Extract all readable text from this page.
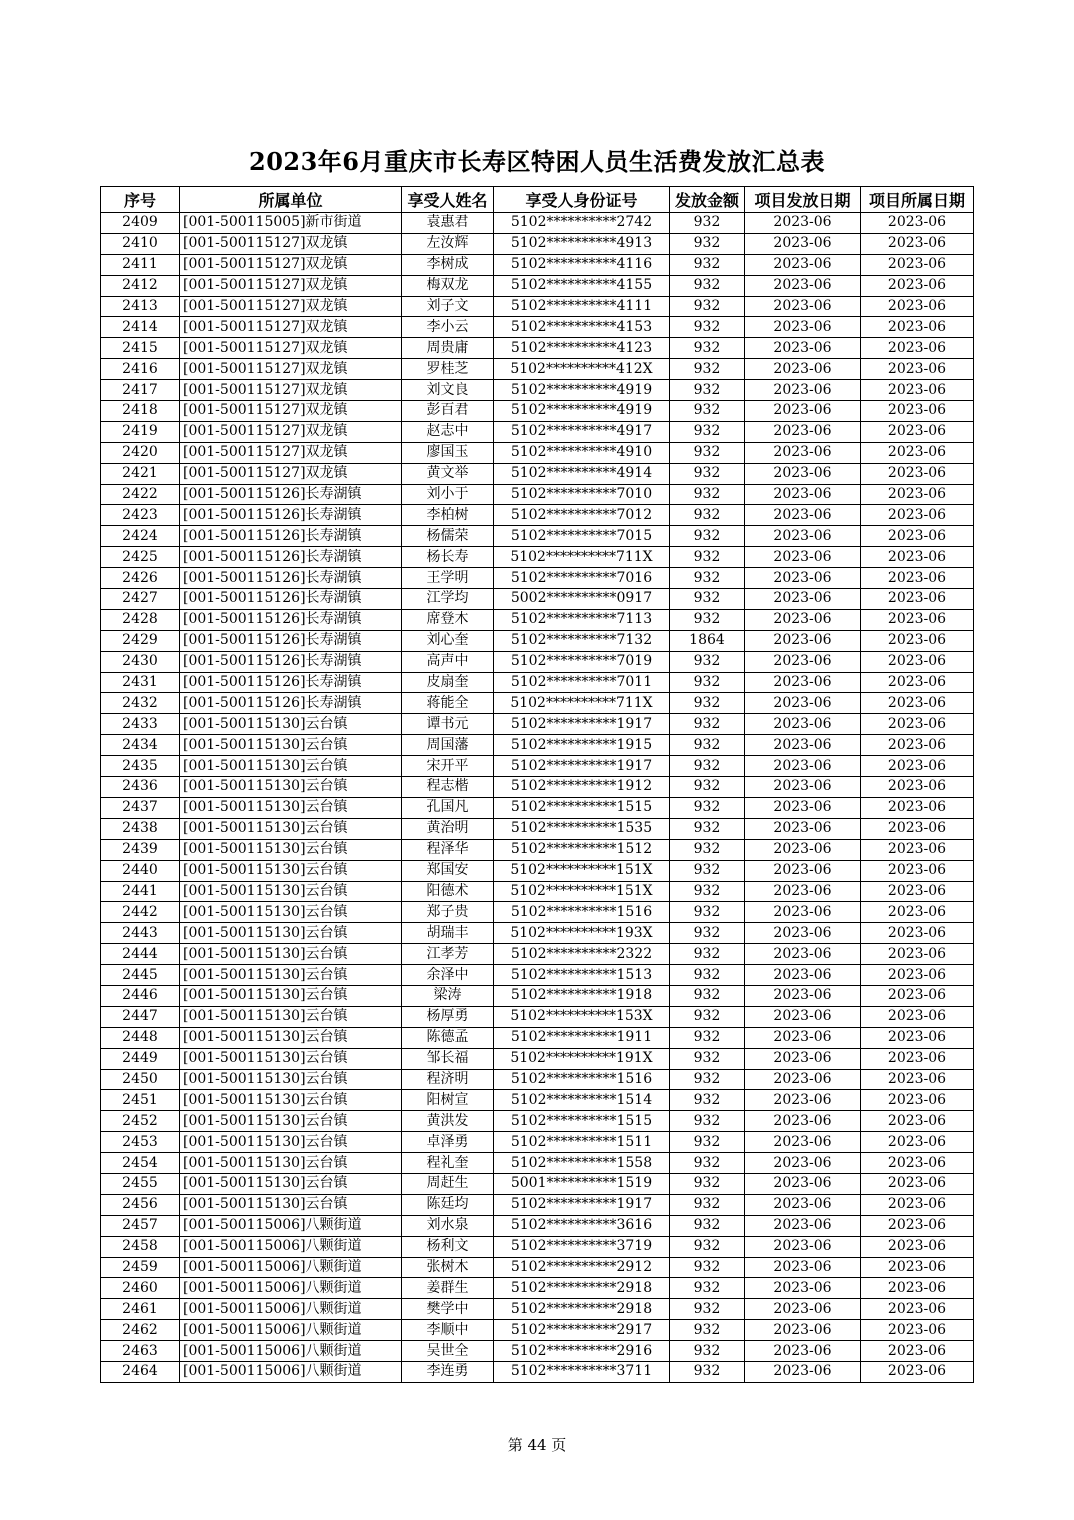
2023年6月重庆市长寿区特困人员生活费发放汇总表
序号	所属单位	享受人姓名	享受人身份证号	发放金额	项目发放日期	项目所属日期
2409	[001-500115005]新市街道	袁惠君	5102**********2742	932	2023-06	2023-06
2410	[001-500115127]双龙镇	左汝辉	5102**********4913	932	2023-06	2023-06
2411	[001-500115127]双龙镇	李树成	5102**********4116	932	2023-06	2023-06
2412	[001-500115127]双龙镇	梅双龙	5102**********4155	932	2023-06	2023-06
2413	[001-500115127]双龙镇	刘子文	5102**********4111	932	2023-06	2023-06
2414	[001-500115127]双龙镇	李小云	5102**********4153	932	2023-06	2023-06
2415	[001-500115127]双龙镇	周贵庸	5102**********4123	932	2023-06	2023-06
2416	[001-500115127]双龙镇	罗桂芝	5102**********412X	932	2023-06	2023-06
2417	[001-500115127]双龙镇	刘文良	5102**********4919	932	2023-06	2023-06
2418	[001-500115127]双龙镇	彭百君	5102**********4919	932	2023-06	2023-06
2419	[001-500115127]双龙镇	赵志中	5102**********4917	932	2023-06	2023-06
2420	[001-500115127]双龙镇	廖国玉	5102**********4910	932	2023-06	2023-06
2421	[001-500115127]双龙镇	黄文举	5102**********4914	932	2023-06	2023-06
2422	[001-500115126]长寿湖镇	刘小于	5102**********7010	932	2023-06	2023-06
2423	[001-500115126]长寿湖镇	李柏树	5102**********7012	932	2023-06	2023-06
2424	[001-500115126]长寿湖镇	杨儒荣	5102**********7015	932	2023-06	2023-06
2425	[001-500115126]长寿湖镇	杨长寿	5102**********711X	932	2023-06	2023-06
2426	[001-500115126]长寿湖镇	王学明	5102**********7016	932	2023-06	2023-06
2427	[001-500115126]长寿湖镇	江学均	5002**********0917	932	2023-06	2023-06
2428	[001-500115126]长寿湖镇	席登木	5102**********7113	932	2023-06	2023-06
2429	[001-500115126]长寿湖镇	刘心奎	5102**********7132	1864	2023-06	2023-06
2430	[001-500115126]长寿湖镇	高声中	5102**********7019	932	2023-06	2023-06
2431	[001-500115126]长寿湖镇	皮扇奎	5102**********7011	932	2023-06	2023-06
2432	[001-500115126]长寿湖镇	蒋能全	5102**********711X	932	2023-06	2023-06
2433	[001-500115130]云台镇	谭书元	5102**********1917	932	2023-06	2023-06
2434	[001-500115130]云台镇	周国藩	5102**********1915	932	2023-06	2023-06
2435	[001-500115130]云台镇	宋开平	5102**********1917	932	2023-06	2023-06
2436	[001-500115130]云台镇	程志楷	5102**********1912	932	2023-06	2023-06
2437	[001-500115130]云台镇	孔国凡	5102**********1515	932	2023-06	2023-06
2438	[001-500115130]云台镇	黄治明	5102**********1535	932	2023-06	2023-06
2439	[001-500115130]云台镇	程泽华	5102**********1512	932	2023-06	2023-06
2440	[001-500115130]云台镇	郑国安	5102**********151X	932	2023-06	2023-06
2441	[001-500115130]云台镇	阳德术	5102**********151X	932	2023-06	2023-06
2442	[001-500115130]云台镇	郑子贵	5102**********1516	932	2023-06	2023-06
2443	[001-500115130]云台镇	胡瑞丰	5102**********193X	932	2023-06	2023-06
2444	[001-500115130]云台镇	江孝芳	5102**********2322	932	2023-06	2023-06
2445	[001-500115130]云台镇	余泽中	5102**********1513	932	2023-06	2023-06
2446	[001-500115130]云台镇	梁涛	5102**********1918	932	2023-06	2023-06
2447	[001-500115130]云台镇	杨厚勇	5102**********153X	932	2023-06	2023-06
2448	[001-500115130]云台镇	陈德孟	5102**********1911	932	2023-06	2023-06
2449	[001-500115130]云台镇	邹长福	5102**********191X	932	2023-06	2023-06
2450	[001-500115130]云台镇	程济明	5102**********1516	932	2023-06	2023-06
2451	[001-500115130]云台镇	阳树宣	5102**********1514	932	2023-06	2023-06
2452	[001-500115130]云台镇	黄洪发	5102**********1515	932	2023-06	2023-06
2453	[001-500115130]云台镇	卓泽勇	5102**********1511	932	2023-06	2023-06
2454	[001-500115130]云台镇	程礼奎	5102**********1558	932	2023-06	2023-06
2455	[001-500115130]云台镇	周赶生	5001**********1519	932	2023-06	2023-06
2456	[001-500115130]云台镇	陈廷均	5102**********1917	932	2023-06	2023-06
2457	[001-500115006]八颗街道	刘水泉	5102**********3616	932	2023-06	2023-06
2458	[001-500115006]八颗街道	杨利文	5102**********3719	932	2023-06	2023-06
2459	[001-500115006]八颗街道	张树木	5102**********2912	932	2023-06	2023-06
2460	[001-500115006]八颗街道	姜群生	5102**********2918	932	2023-06	2023-06
2461	[001-500115006]八颗街道	樊学中	5102**********2918	932	2023-06	2023-06
2462	[001-500115006]八颗街道	李顺中	5102**********2917	932	2023-06	2023-06
2463	[001-500115006]八颗街道	吴世全	5102**********2916	932	2023-06	2023-06
2464	[001-500115006]八颗街道	李连勇	5102**********3711	932	2023-06	2023-06
第 44 页
